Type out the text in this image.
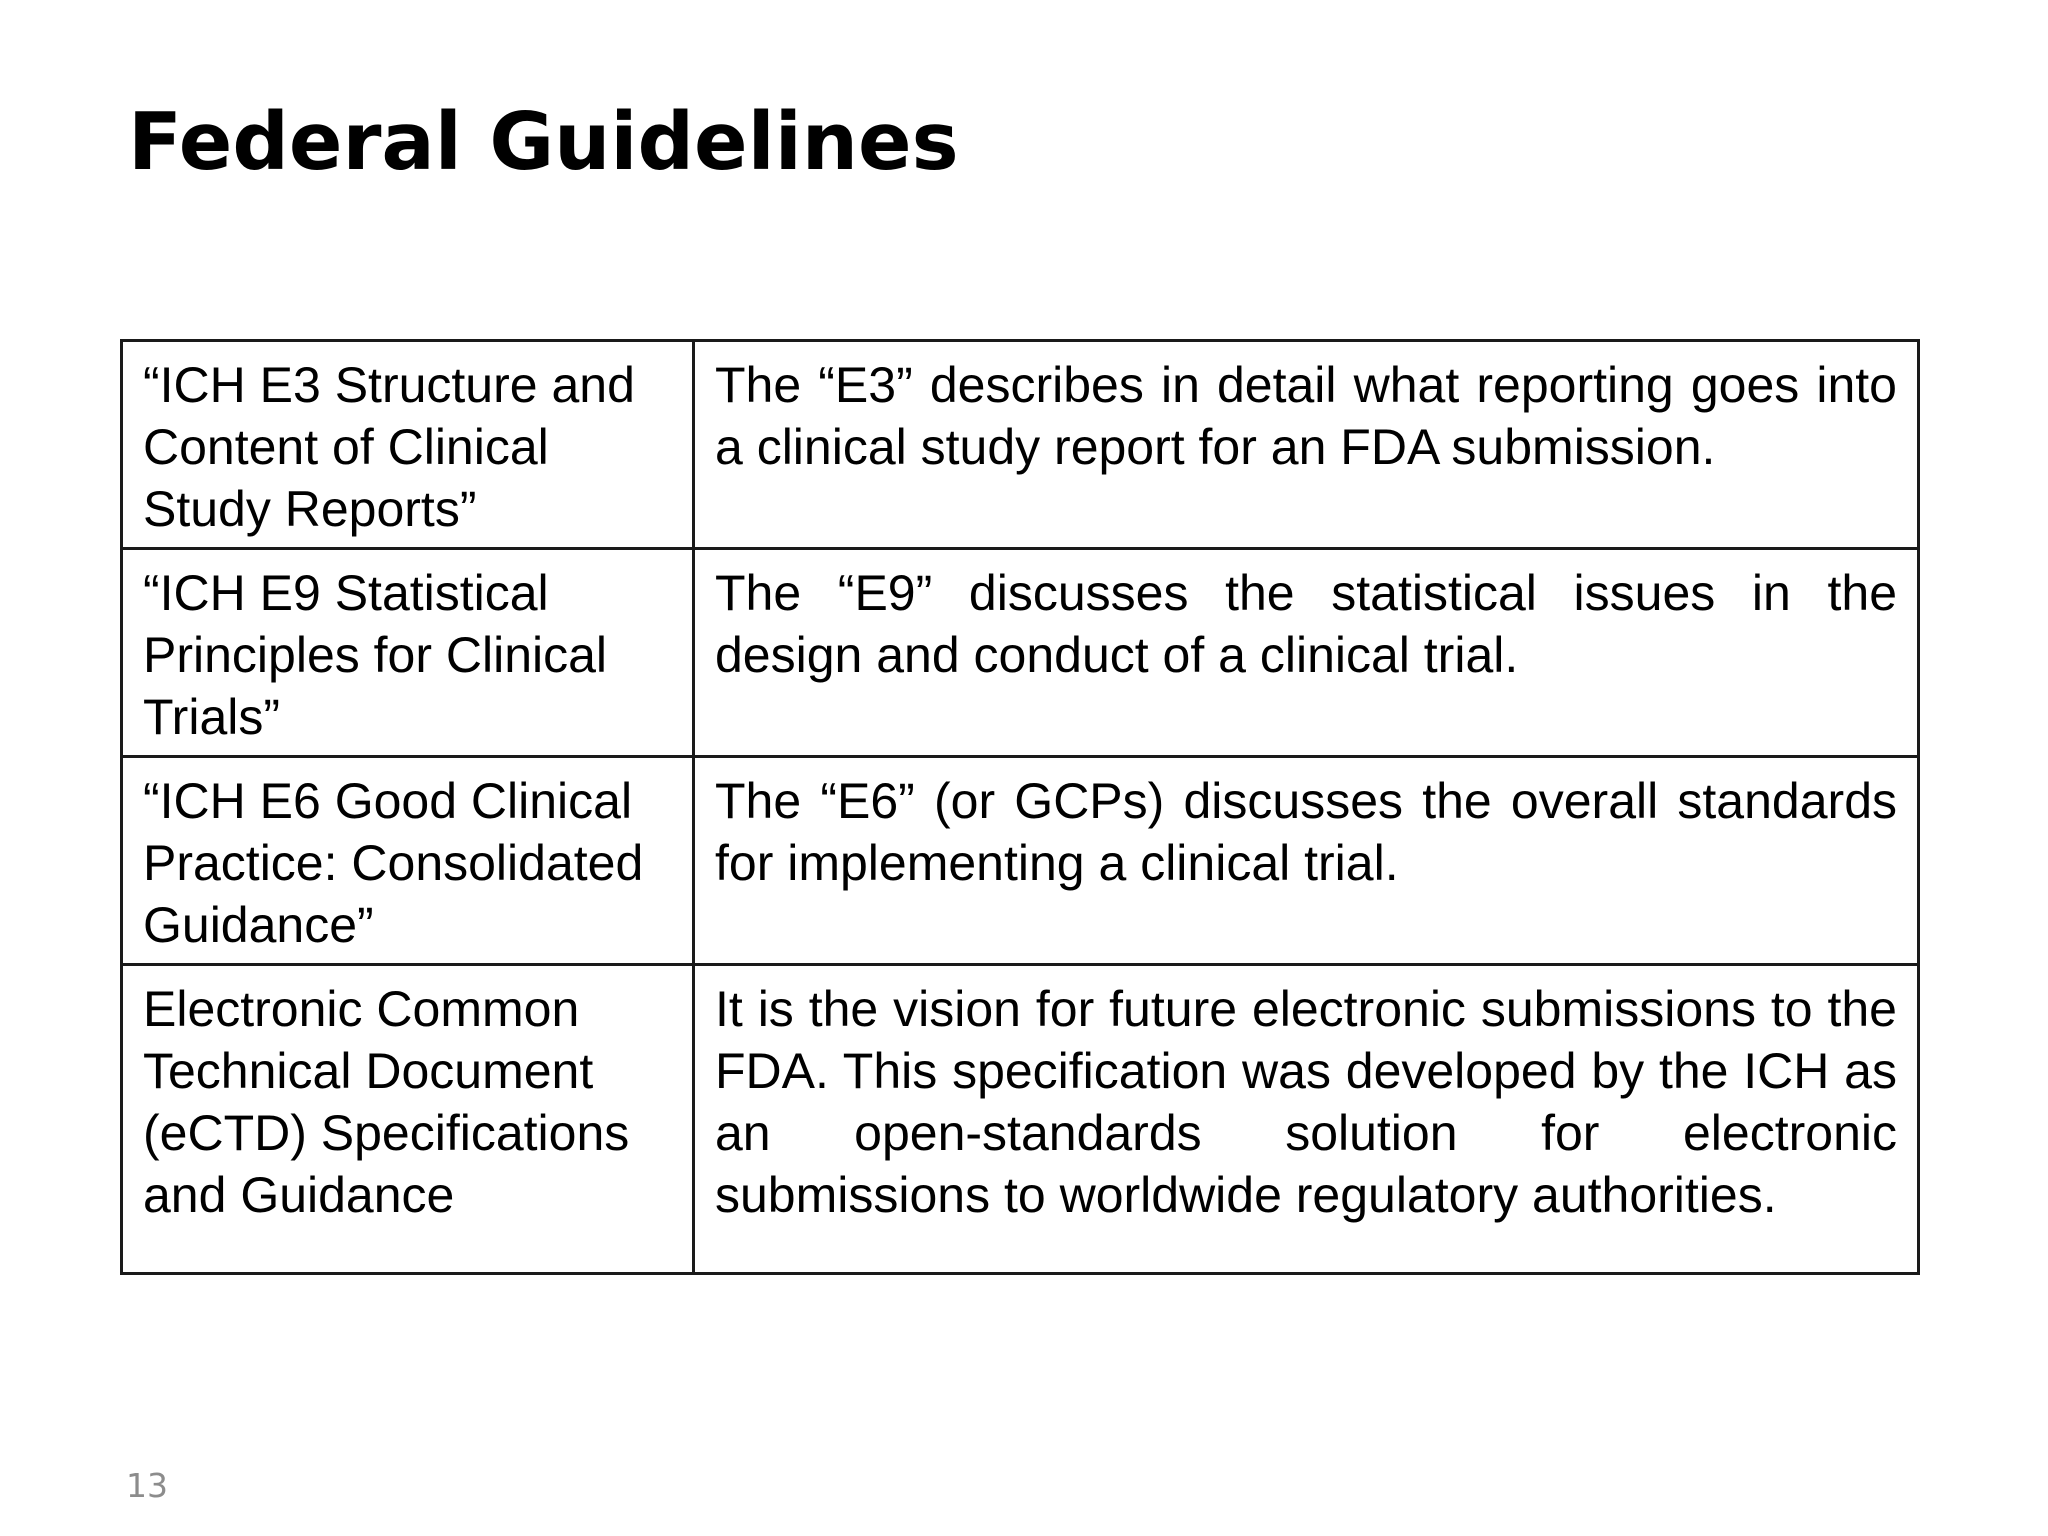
Federal Guidelines
“ICH E3 Structure and Content of Clinical Study Reports”	The “E3” describes in detail what reporting goes into a clinical study report for an FDA submission.
“ICH E9 Statistical Principles for Clinical Trials”	The “E9” discusses the statistical issues in the design and conduct of a clinical trial.
“ICH E6 Good Clinical Practice: Consolidated Guidance”	The “E6” (or GCPs) discusses the overall standards for implementing a clinical trial.
Electronic Common Technical Document (eCTD) Specifications and Guidance	It is the vision for future electronic submissions to the FDA. This specification was developed by the ICH as an open-standards solution for electronic submissions to worldwide regulatory authorities.
13
